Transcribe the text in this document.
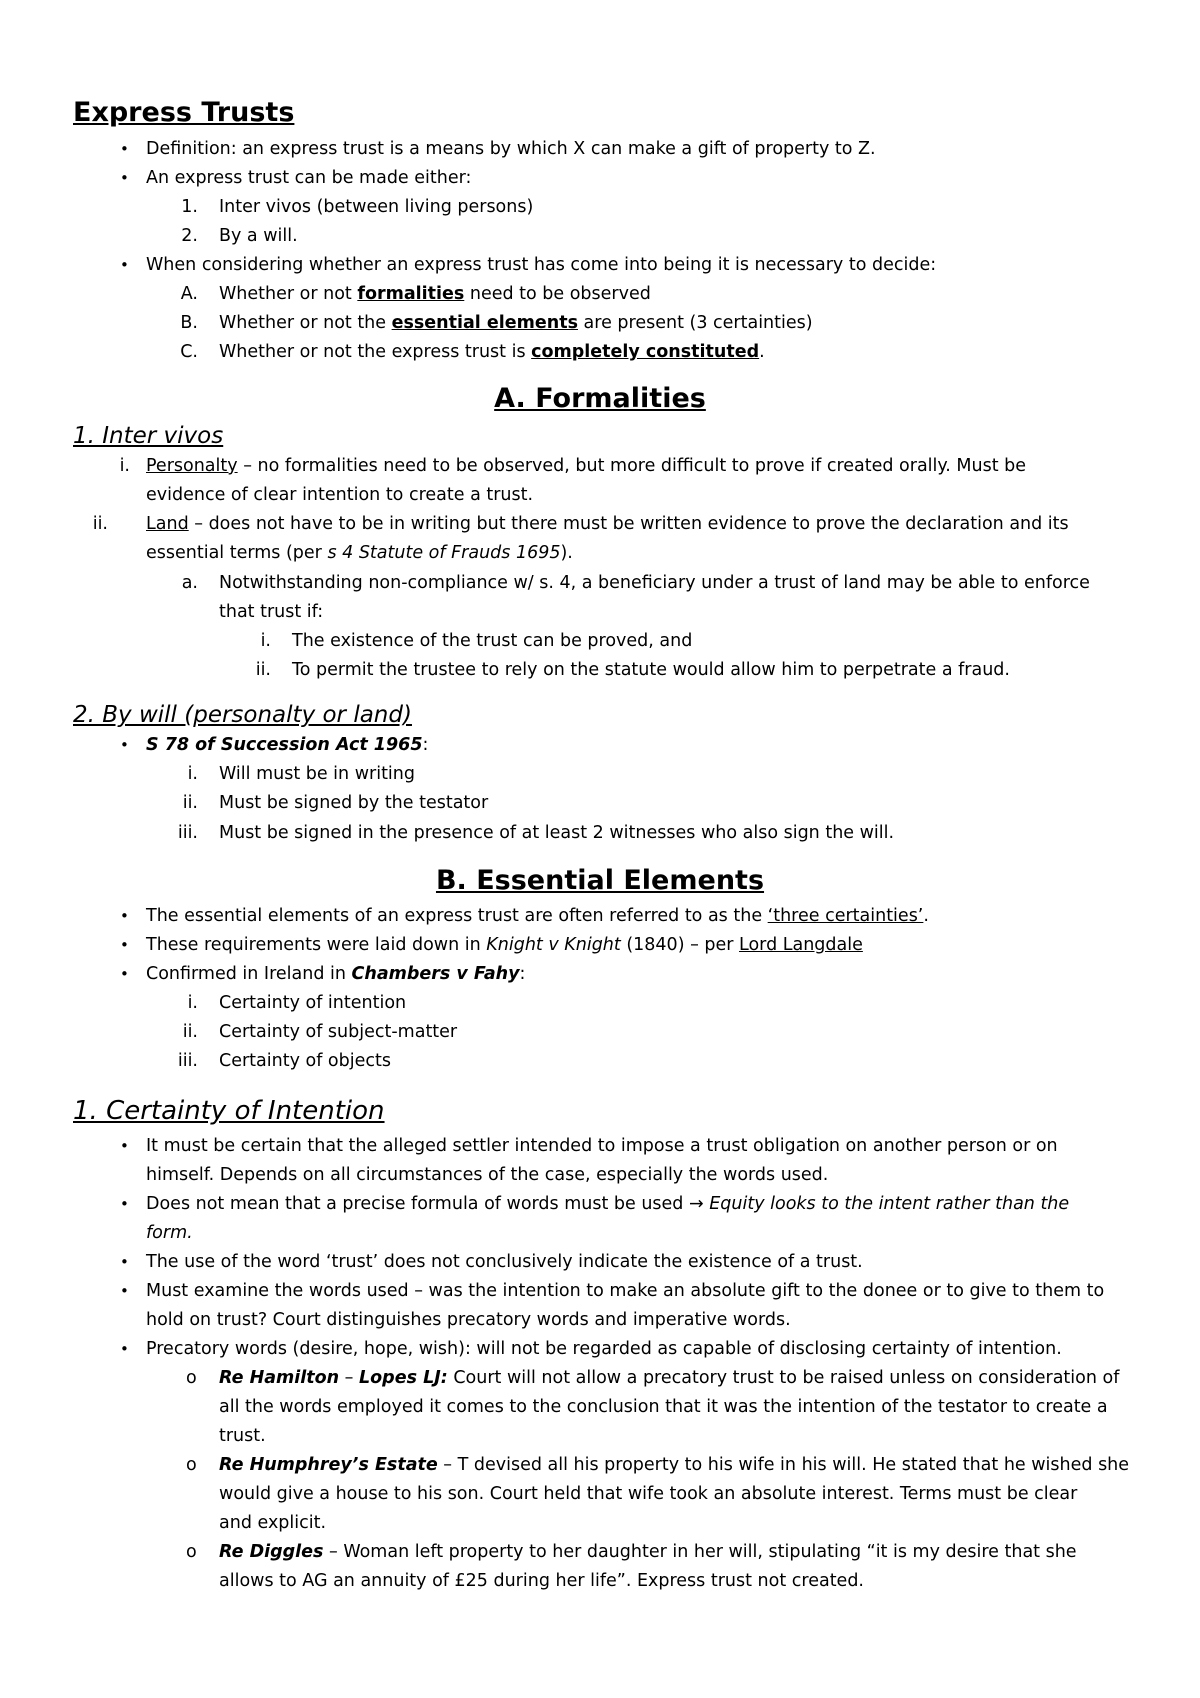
Express Trusts
• Definition: an express trust is a means by which X can make a gift of property to Z.
• An express trust can be made either:
1. Inter vivos (between living persons)
2. By a will.
• When considering whether an express trust has come into being it is necessary to decide:
A. Whether or not formalities need to be observed
B. Whether or not the essential elements are present (3 certainties)
C. Whether or not the express trust is completely constituted.
A. Formalities
1. Inter vivos
i. Personalty – no formalities need to be observed, but more difficult to prove if created orally. Must be
evidence of clear intention to create a trust.
ii. Land – does not have to be in writing but there must be written evidence to prove the declaration and its
essential terms (per s 4 Statute of Frauds 1695).
a. Notwithstanding non-compliance w/ s. 4, a beneficiary under a trust of land may be able to enforce
that trust if:
i. The existence of the trust can be proved, and
ii. To permit the trustee to rely on the statute would allow him to perpetrate a fraud.
2. By will (personalty or land)
• S 78 of Succession Act 1965:
i. Will must be in writing
ii. Must be signed by the testator
iii. Must be signed in the presence of at least 2 witnesses who also sign the will.
B. Essential Elements
• The essential elements of an express trust are often referred to as the ‘three certainties’.
• These requirements were laid down in Knight v Knight (1840) – per Lord Langdale
• Confirmed in Ireland in Chambers v Fahy:
i. Certainty of intention
ii. Certainty of subject-matter
iii. Certainty of objects
1. Certainty of Intention
• It must be certain that the alleged settler intended to impose a trust obligation on another person or on
himself. Depends on all circumstances of the case, especially the words used.
• Does not mean that a precise formula of words must be used → Equity looks to the intent rather than the
form.
• The use of the word ‘trust’ does not conclusively indicate the existence of a trust.
• Must examine the words used – was the intention to make an absolute gift to the donee or to give to them to
hold on trust? Court distinguishes precatory words and imperative words.
• Precatory words (desire, hope, wish): will not be regarded as capable of disclosing certainty of intention.
o Re Hamilton – Lopes LJ: Court will not allow a precatory trust to be raised unless on consideration of
all the words employed it comes to the conclusion that it was the intention of the testator to create a
trust.
o Re Humphrey’s Estate – T devised all his property to his wife in his will. He stated that he wished she
would give a house to his son. Court held that wife took an absolute interest. Terms must be clear
and explicit.
o Re Diggles – Woman left property to her daughter in her will, stipulating “it is my desire that she
allows to AG an annuity of £25 during her life”. Express trust not created.
